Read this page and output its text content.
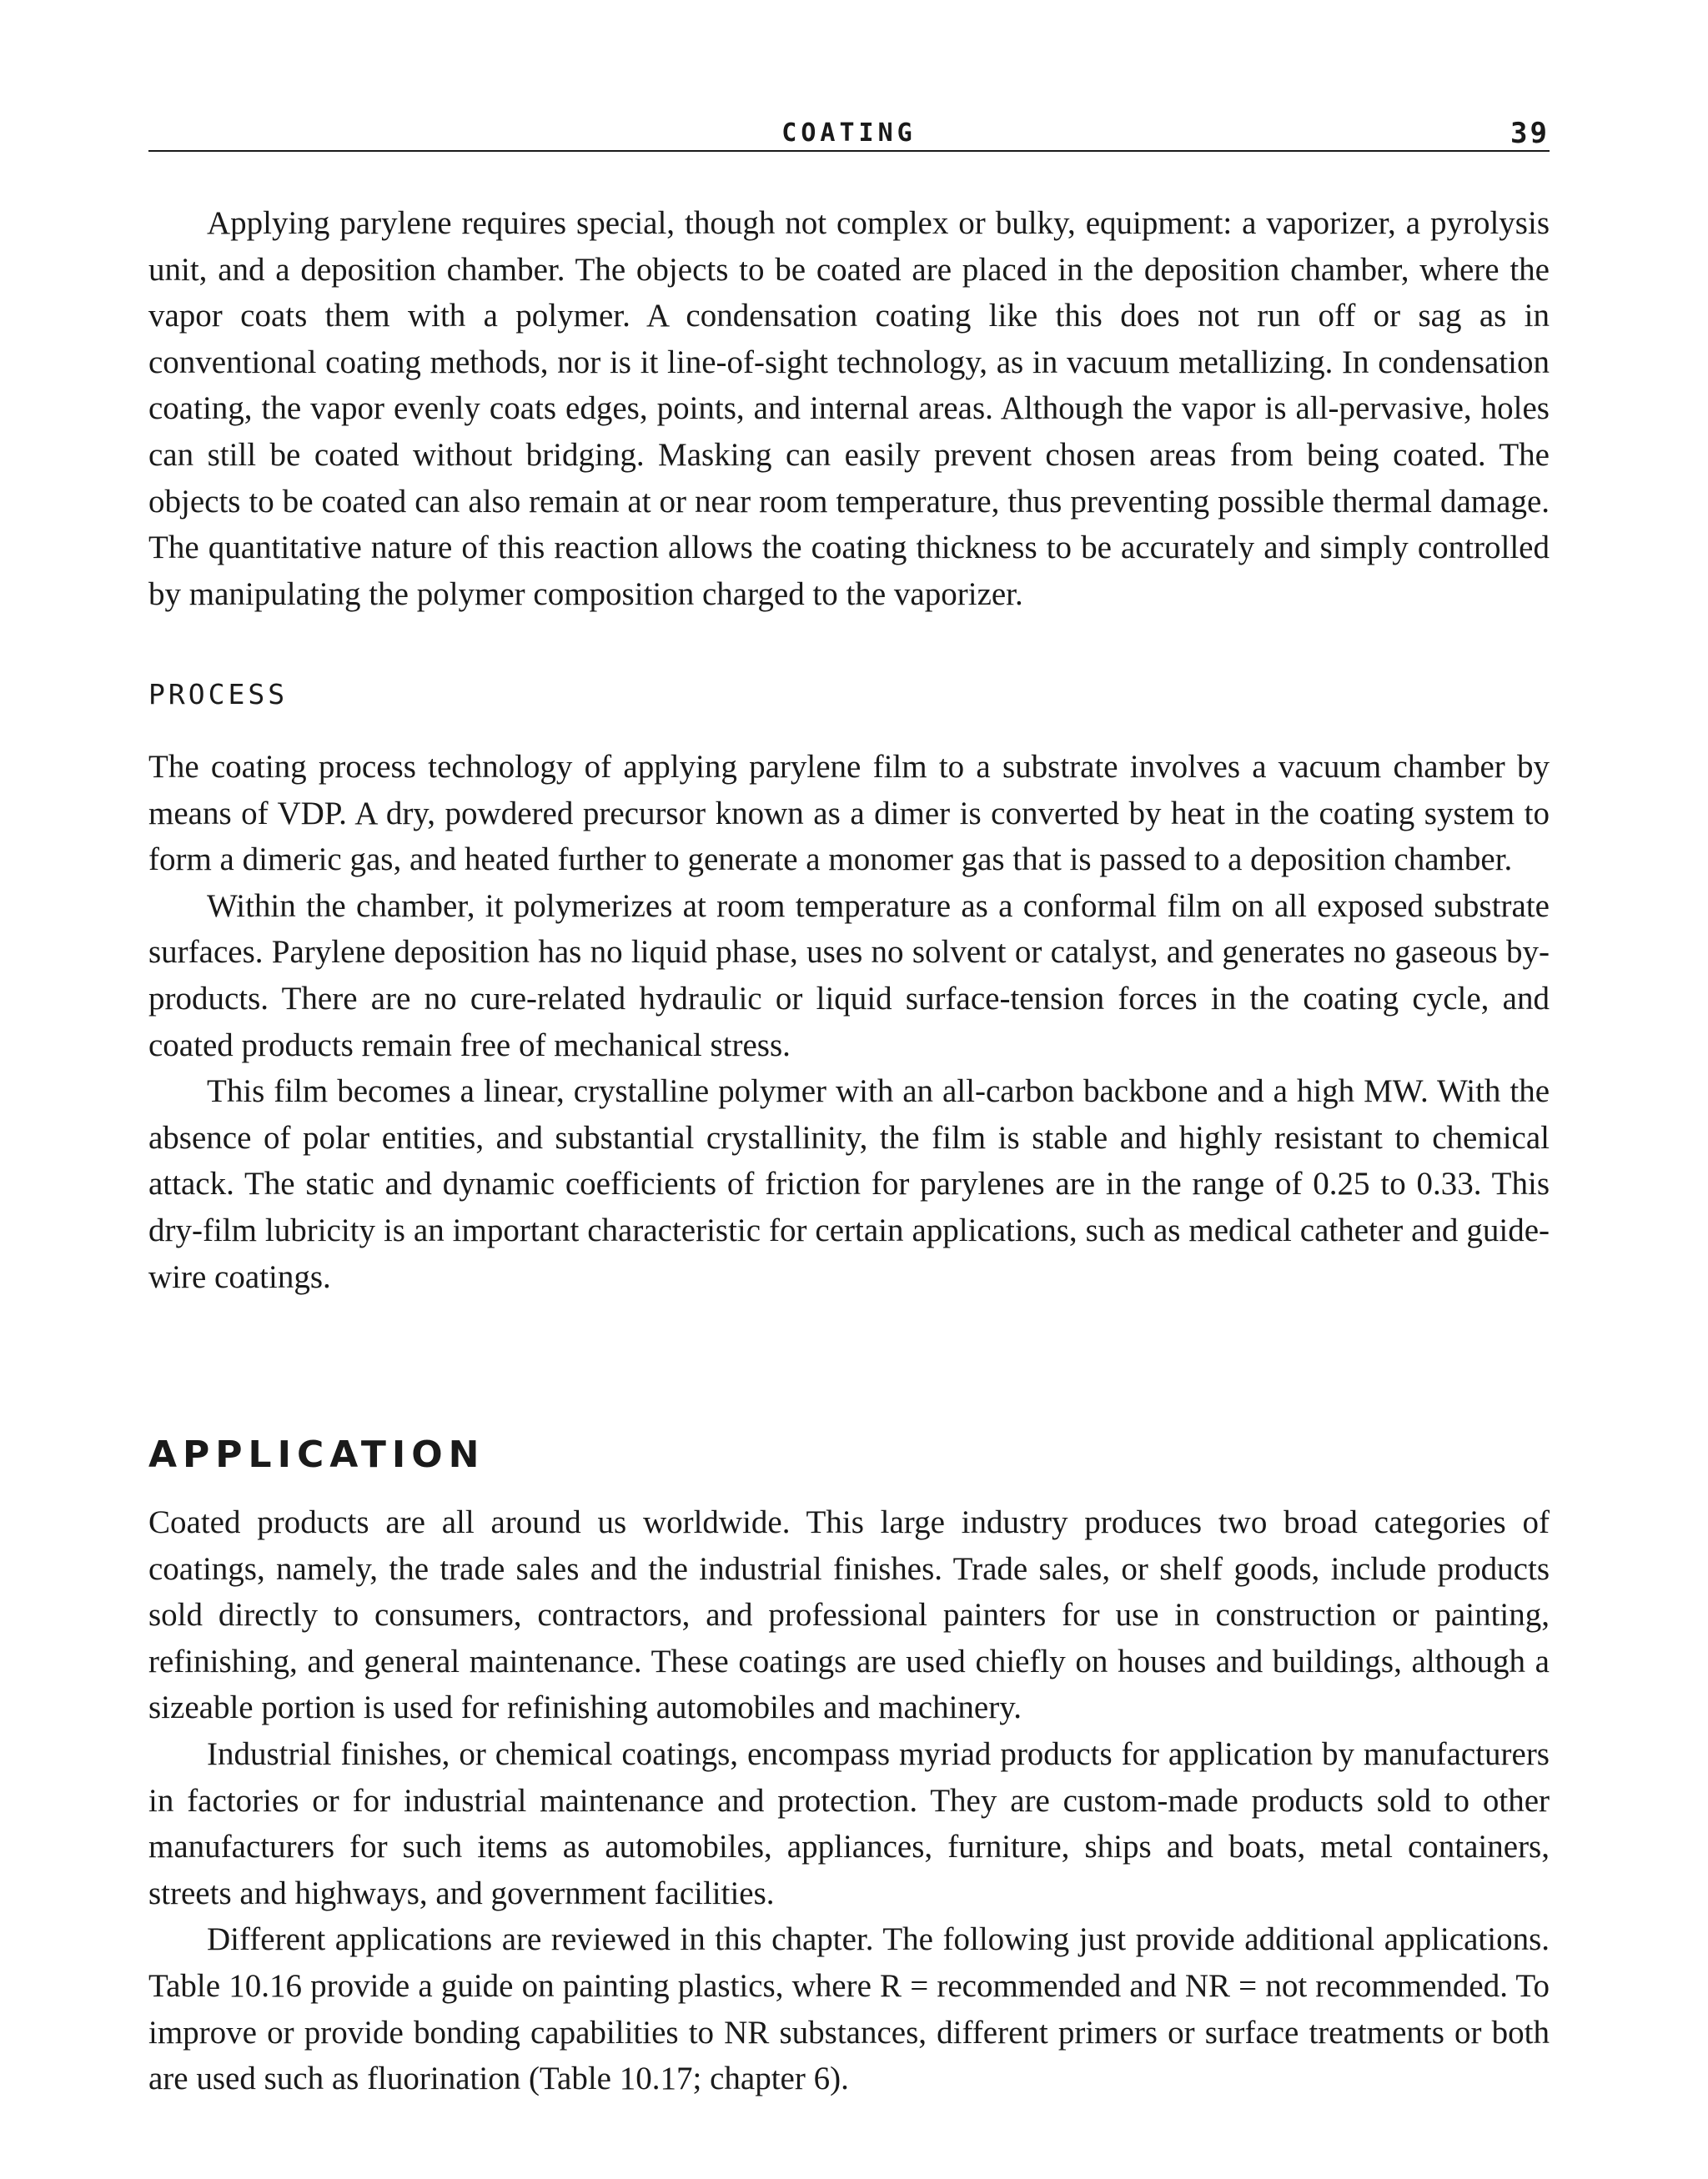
COATING	39

Applying parylene requires special, though not complex or bulky, equipment: a vaporizer, a pyrolysis unit, and a deposition chamber. The objects to be coated are placed in the deposition chamber, where the vapor coats them with a polymer. A condensation coating like this does not run off or sag as in conventional coating methods, nor is it line-of-sight technology, as in vacuum metallizing. In condensation coating, the vapor evenly coats edges, points, and internal areas. Although the vapor is all-pervasive, holes can still be coated without bridging. Masking can easily prevent chosen areas from being coated. The objects to be coated can also remain at or near room temperature, thus preventing possible thermal damage. The quantitative nature of this reaction allows the coating thickness to be accurately and simply controlled by manipulating the polymer composition charged to the vaporizer.

PROCESS

The coating process technology of applying parylene film to a substrate involves a vacuum chamber by means of VDP. A dry, powdered precursor known as a dimer is converted by heat in the coating system to form a dimeric gas, and heated further to generate a monomer gas that is passed to a deposition chamber.

Within the chamber, it polymerizes at room temperature as a conformal film on all exposed substrate surfaces. Parylene deposition has no liquid phase, uses no solvent or catalyst, and generates no gaseous by-products. There are no cure-related hydraulic or liquid surface-tension forces in the coating cycle, and coated products remain free of mechanical stress.

This film becomes a linear, crystalline polymer with an all-carbon backbone and a high MW. With the absence of polar entities, and substantial crystallinity, the film is stable and highly resistant to chemical attack. The static and dynamic coefficients of friction for parylenes are in the range of 0.25 to 0.33. This dry-film lubricity is an important characteristic for certain applications, such as medical catheter and guide-wire coatings.

APPLICATION

Coated products are all around us worldwide. This large industry produces two broad categories of coatings, namely, the trade sales and the industrial finishes. Trade sales, or shelf goods, include products sold directly to consumers, contractors, and professional painters for use in construction or painting, refinishing, and general maintenance. These coatings are used chiefly on houses and buildings, although a sizeable portion is used for refinishing automobiles and machinery.

Industrial finishes, or chemical coatings, encompass myriad products for application by manufacturers in factories or for industrial maintenance and protection. They are custom-made products sold to other manufacturers for such items as automobiles, appliances, furniture, ships and boats, metal containers, streets and highways, and government facilities.

Different applications are reviewed in this chapter. The following just provide additional applications. Table 10.16 provide a guide on painting plastics, where R = recommended and NR = not recommended. To improve or provide bonding capabilities to NR substances, different primers or surface treatments or both are used such as fluorination (Table 10.17; chapter 6).
